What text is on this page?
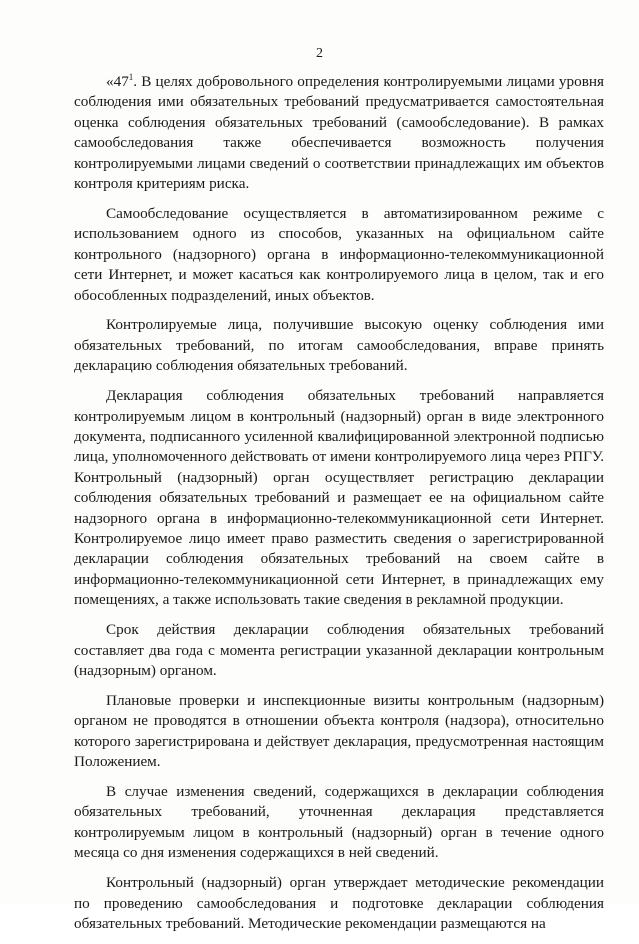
2

«$47^1$. В целях добровольного определения контролируемыми лицами уровня соблюдения ими обязательных требований предусматривается самостоятельная оценка соблюдения обязательных требований (самообследование). В рамках самообследования также обеспечивается возможность получения контролируемыми лицами сведений о соответствии принадлежащих им объектов контроля критериям риска.

Самообследование осуществляется в автоматизированном режиме с использованием одного из способов, указанных на официальном сайте контрольного (надзорного) органа в информационно-телекоммуникационной сети Интернет, и может касаться как контролируемого лица в целом, так и его обособленных подразделений, иных объектов.

Контролируемые лица, получившие высокую оценку соблюдения ими обязательных требований, по итогам самообследования, вправе принять декларацию соблюдения обязательных требований.

Декларация соблюдения обязательных требований направляется контролируемым лицом в контрольный (надзорный) орган в виде электронного документа, подписанного усиленной квалифицированной электронной подписью лица, уполномоченного действовать от имени контролируемого лица через РПГУ. Контрольный (надзорный) орган осуществляет регистрацию декларации соблюдения обязательных требований и размещает ее на официальном сайте надзорного органа в информационно-телекоммуникационной сети Интернет. Контролируемое лицо имеет право разместить сведения о зарегистрированной декларации соблюдения обязательных требований на своем сайте в информационно-телекоммуникационной сети Интернет, в принадлежащих ему помещениях, а также использовать такие сведения в рекламной продукции.

Срок действия декларации соблюдения обязательных требований составляет два года с момента регистрации указанной декларации контрольным (надзорным) органом.

Плановые проверки и инспекционные визиты контрольным (надзорным) органом не проводятся в отношении объекта контроля (надзора), относительно которого зарегистрирована и действует декларация, предусмотренная настоящим Положением.

В случае изменения сведений, содержащихся в декларации соблюдения обязательных требований, уточненная декларация представляется контролируемым лицом в контрольный (надзорный) орган в течение одного месяца со дня изменения содержащихся в ней сведений.

Контрольный (надзорный) орган утверждает методические рекомендации по проведению самообследования и подготовке декларации соблюдения обязательных требований. Методические рекомендации размещаются на
